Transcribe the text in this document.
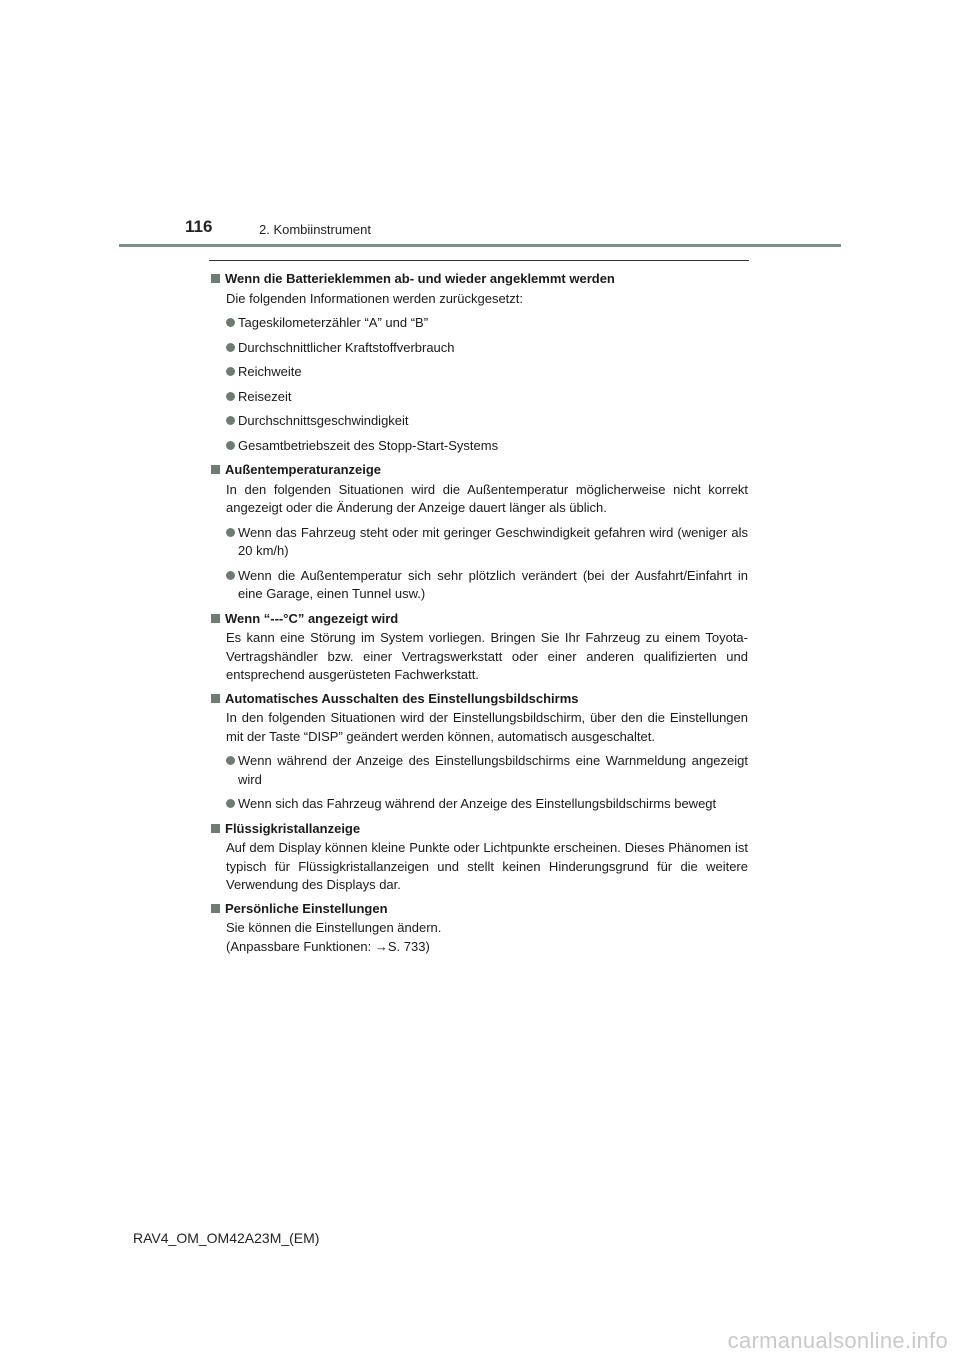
116	2. Kombiinstrument
Wenn die Batterieklemmen ab- und wieder angeklemmt werden
Die folgenden Informationen werden zurückgesetzt:
Tageskilometerzähler “A” und “B”
Durchschnittlicher Kraftstoffverbrauch
Reichweite
Reisezeit
Durchschnittsgeschwindigkeit
Gesamtbetriebszeit des Stopp-Start-Systems
Außentemperaturanzeige
In den folgenden Situationen wird die Außentemperatur möglicherweise nicht korrekt angezeigt oder die Änderung der Anzeige dauert länger als üblich.
Wenn das Fahrzeug steht oder mit geringer Geschwindigkeit gefahren wird (weniger als 20 km/h)
Wenn die Außentemperatur sich sehr plötzlich verändert (bei der Ausfahrt/Einfahrt in eine Garage, einen Tunnel usw.)
Wenn “---°C” angezeigt wird
Es kann eine Störung im System vorliegen. Bringen Sie Ihr Fahrzeug zu einem Toyota-Vertragshändler bzw. einer Vertragswerkstatt oder einer anderen qualifizierten und entsprechend ausgerüsteten Fachwerkstatt.
Automatisches Ausschalten des Einstellungsbildschirms
In den folgenden Situationen wird der Einstellungsbildschirm, über den die Einstellungen mit der Taste “DISP” geändert werden können, automatisch ausgeschaltet.
Wenn während der Anzeige des Einstellungsbildschirms eine Warnmeldung angezeigt wird
Wenn sich das Fahrzeug während der Anzeige des Einstellungsbildschirms bewegt
Flüssigkristallanzeige
Auf dem Display können kleine Punkte oder Lichtpunkte erscheinen. Dieses Phänomen ist typisch für Flüssigkristallanzeigen und stellt keinen Hinderungsgrund für die weitere Verwendung des Displays dar.
Persönliche Einstellungen
Sie können die Einstellungen ändern.
(Anpassbare Funktionen: →S. 733)
RAV4_OM_OM42A23M_(EM)
carmanualsonline.info
